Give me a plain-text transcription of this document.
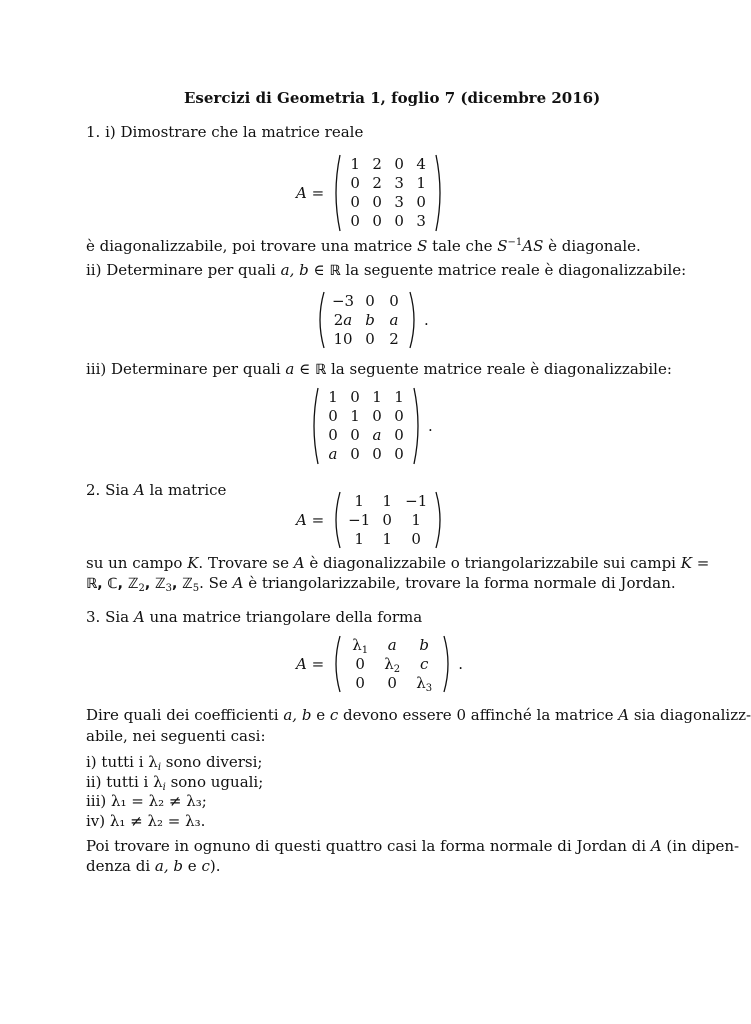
Esercizi di Geometria 1, foglio 7 (dicembre 2016)
1. i) Dimostrare che la matrice reale
A =
1 2 0 4
0 2 3 1
0 0 3 0
0 0 0 3
è diagonalizzabile, poi trovare una matrice S tale che $S^{-1}AS$ è diagonale.
ii) Determinare per quali a, b ∈ ℝ la seguente matrice reale è diagonalizzabile:
−3 0 0
2a b a
10 0 2
.
iii) Determinare per quali a ∈ ℝ la seguente matrice reale è diagonalizzabile:
1 0 1 1
0 1 0 0
0 0 a 0
a 0 0 0
.
2. Sia A la matrice
A =
1	1 −1
−1 0	1
1	1	0
su un campo K. Trovare se A è diagonalizzabile o triangolarizzabile sui campi K =
ℝ, ℂ, ℤ$_2$, ℤ$_3$, ℤ$_5$. Se A è triangolarizzabile, trovare la forma normale di Jordan.
3. Sia A una matrice triangolare della forma
A =
$\lambda_1$	a	b
0	$\lambda_2$	c
0	0	$\lambda_3$
.
Dire quali dei coefficienti a, b e c devono essere 0 affinché la matrice A sia diagonalizz-
abile, nei seguenti casi:
i) tutti i $\lambda_i$ sono diversi;
ii) tutti i $\lambda_i$ sono uguali;
iii) λ₁ = λ₂ ≠ λ₃;
iv) λ₁ ≠ λ₂ = λ₃.
Poi trovare in ognuno di questi quattro casi la forma normale di Jordan di A (in dipen-
denza di a, b e c).
